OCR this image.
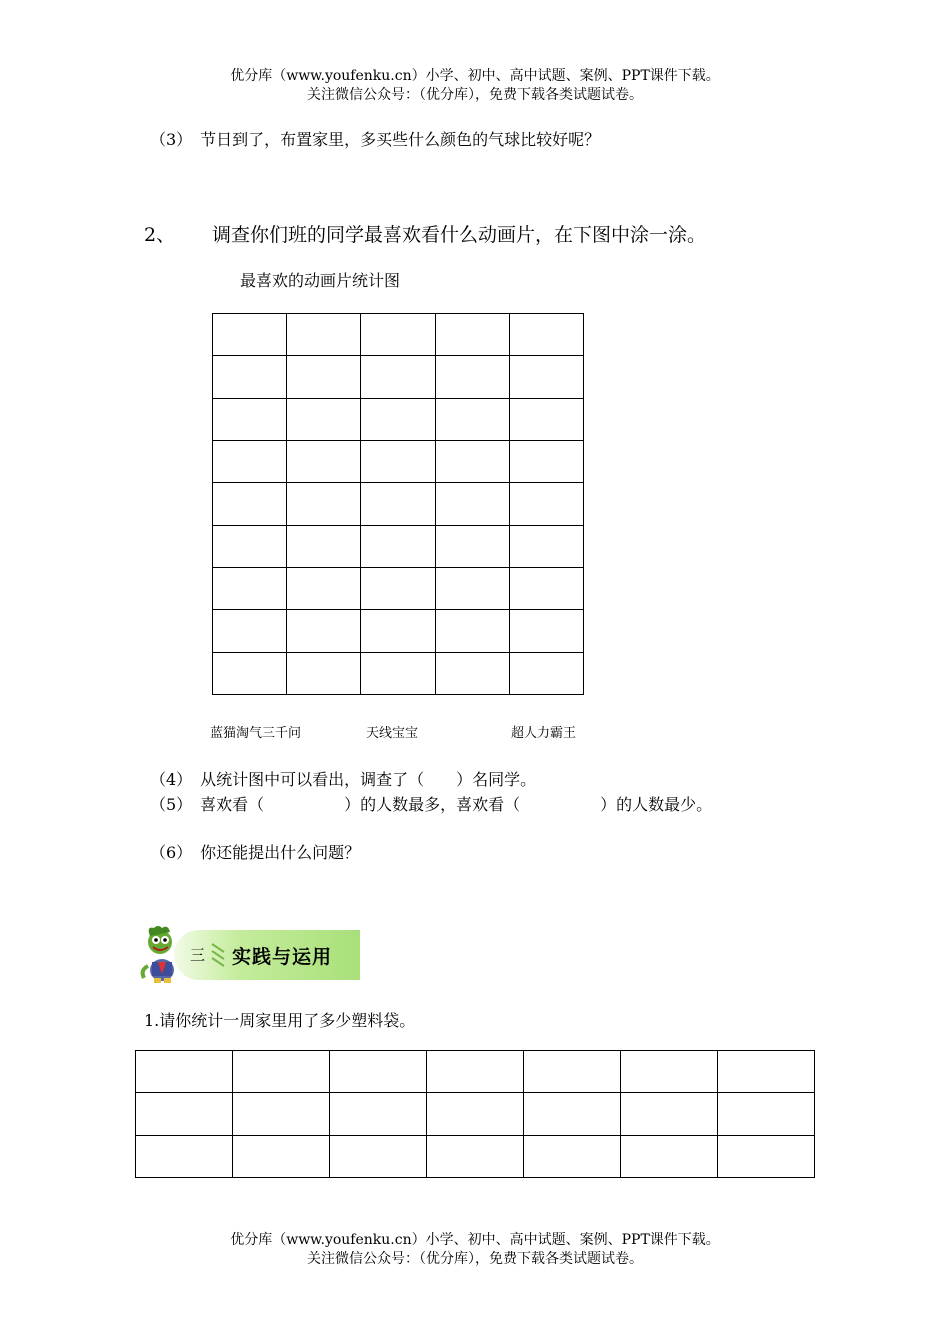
优分库（www.youfenku.cn）小学、初中、高中试题、案例、PPT课件下载。
关注微信公众号：（优分库），免费下载各类试题试卷。
（3）　节日到了，布置家里，多买些什么颜色的气球比较好呢？
2、 调查你们班的同学最喜欢看什么动画片，在下图中涂一涂。
最喜欢的动画片统计图

蓝猫淘气三千问	天线宝宝	超人力霸王
（4）　从统计图中可以看出，调查了（　　）名同学。
（5）　喜欢看（　　　　　）的人数最多，喜欢看（　　　　　）的人数最少。
（6）　你还能提出什么问题？
三 实践与运用
1.请你统计一周家里用了多少塑料袋。

优分库（www.youfenku.cn）小学、初中、高中试题、案例、PPT课件下载。
关注微信公众号：（优分库），免费下载各类试题试卷。
